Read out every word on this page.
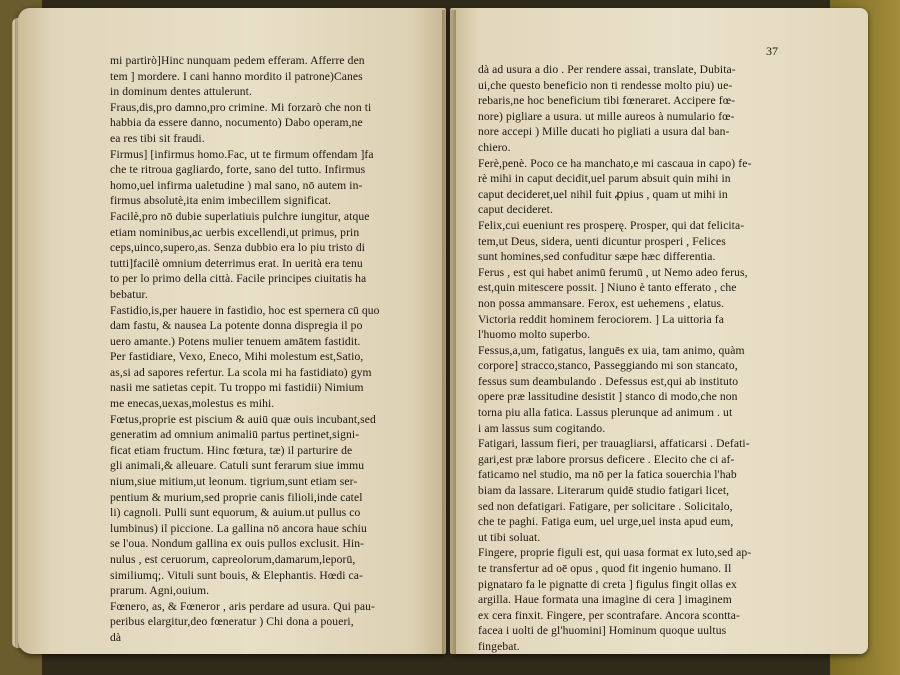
mi partirò]Hinc nunquam pedem efferam. Afferre den
tem ] mordere. I cani hanno mordito il patrone)Canes
in dominum dentes attulerunt.
Fraus,dis,pro damno,pro crimine. Mi forzarò che non ti
habbia da essere danno, nocumento) Dabo operam,ne
ea res tibi sit fraudi.
Firmus] [infirmus homo.Fac, ut te firmum offendam ]fa
che te ritroua gagliardo, forte, sano del tutto. Infirmus
homo,uel infirma ualetudine ) mal sano, nō autem in-
firmus absolutè,ita enim imbecillem significat.
Facilè,pro nō dubie superlatiuis pulchre iungitur, atque
etiam nominibus,ac uerbis excellendi,ut primus, prin
ceps,uinco,supero,as. Senza dubbio era lo piu tristo di
tutti]facilè omnium deterrimus erat. In uerità era tenu
to per lo primo della città. Facile principes ciuitatis ha
bebatur.
Fastidio,is,per hauere in fastidio, hoc est spernera cū quo
dam fastu, & nausea La potente donna dispregia il po
uero amante.) Potens mulier tenuem amātem fastidit.
Per fastidiare, Vexo, Eneco, Mihi molestum est,Satio,
as,si ad sapores refertur. La scola mi ha fastidiato) gym
nasii me satietas cepit. Tu troppo mi fastidii) Nimium
me enecas,uexas,molestus es mihi.
Fœtus,proprie est piscium & auiū quæ ouis incubant,sed
generatim ad omnium animaliū partus pertinet,signi-
ficat etiam fructum. Hinc fœtura, tæ) il parturire de
gli animali,& alleuare. Catuli sunt ferarum siue immu
nium,siue mitium,ut leonum. tigrium,sunt etiam ser-
pentium & murium,sed proprie canis filioli,inde catel
li) cagnoli. Pulli sunt equorum, & auium.ut pullus co
lumbinus) il piccione. La gallina nō ancora haue schiu
se l'oua. Nondum gallina ex ouis pullos exclusit. Hin-
nulus , est ceruorum, capreolorum,damarum,leporū,
similiumq;. Vituli sunt bouis, & Elephantis. Hœdi ca-
prarum. Agni,ouium.
Fœnero, as, & Fœneror , aris perdare ad usura. Qui pau-
peribus elargitur,deo fœneratur ) Chi dona a poueri,
dà
dà ad usura a dio . Per rendere assai, translate, Dubita-
ui,che questo beneficio non ti rendesse molto piu) ue-
rebaris,ne hoc beneficium tibi fœneraret. Accipere fœ-
nore) pigliare a usura. ut mille aureos à numulario fœ-
nore accepi ) Mille ducati ho pigliati a usura dal ban-
chiero.
Ferè,penè. Poco ce ha manchato,e mi cascaua in capo) fe-
rè mihi in caput decidit,uel parum absuit quin mihi in
caput decideret,uel nihil fuit ꝓpius , quam ut mihi in
caput decideret.
Felix,cui eueniunt res prosperę. Prosper, qui dat felicita-
tem,ut Deus, sidera, uenti dicuntur prosperi , Felices
sunt homines,sed confuditur sæpe hæc differentia.
Ferus , est qui habet animū ferumū , ut Nemo adeo ferus,
est,quin mitescere possit. ] Niuno è tanto efferato , che
non possa ammansare. Ferox, est uehemens , elatus.
Victoria reddit hominem ferociorem. ] La uittoria fa
l'huomo molto superbo.
Fessus,a,um, fatigatus, languēs ex uia, tam animo, quàm
corpore] stracco,stanco, Passeggiando mi son stancato,
fessus sum deambulando . Defessus est,qui ab instituto
opere præ lassitudine desistit ] stanco di modo,che non
torna piu alla fatica. Lassus plerunque ad animum . ut
i am lassus sum cogitando.
Fatigari, lassum fieri, per trauagliarsi, affaticarsi . Defati-
gari,est præ labore prorsus deficere . Elecito che ci af-
faticamo nel studio, ma nō per la fatica souerchia l'hab
biam da lassare. Literarum quidē studio fatigari licet,
sed non defatigari. Fatigare, per solicitare . Solicitalo,
che te paghi. Fatiga eum, uel urge,uel insta apud eum,
ut tibi soluat.
Fingere, proprie figuli est, qui uasa format ex luto,sed ap-
te transfertur ad oē opus , quod fit ingenio humano. Il
pignataro fa le pignatte di creta ] figulus fingit ollas ex
argilla. Haue formata una imagine di cera ] imaginem
ex cera finxit. Fingere, per scontrafare. Ancora scontta-
facea i uolti de gl'huomini] Hominum quoque uultus
fingebat.
37
